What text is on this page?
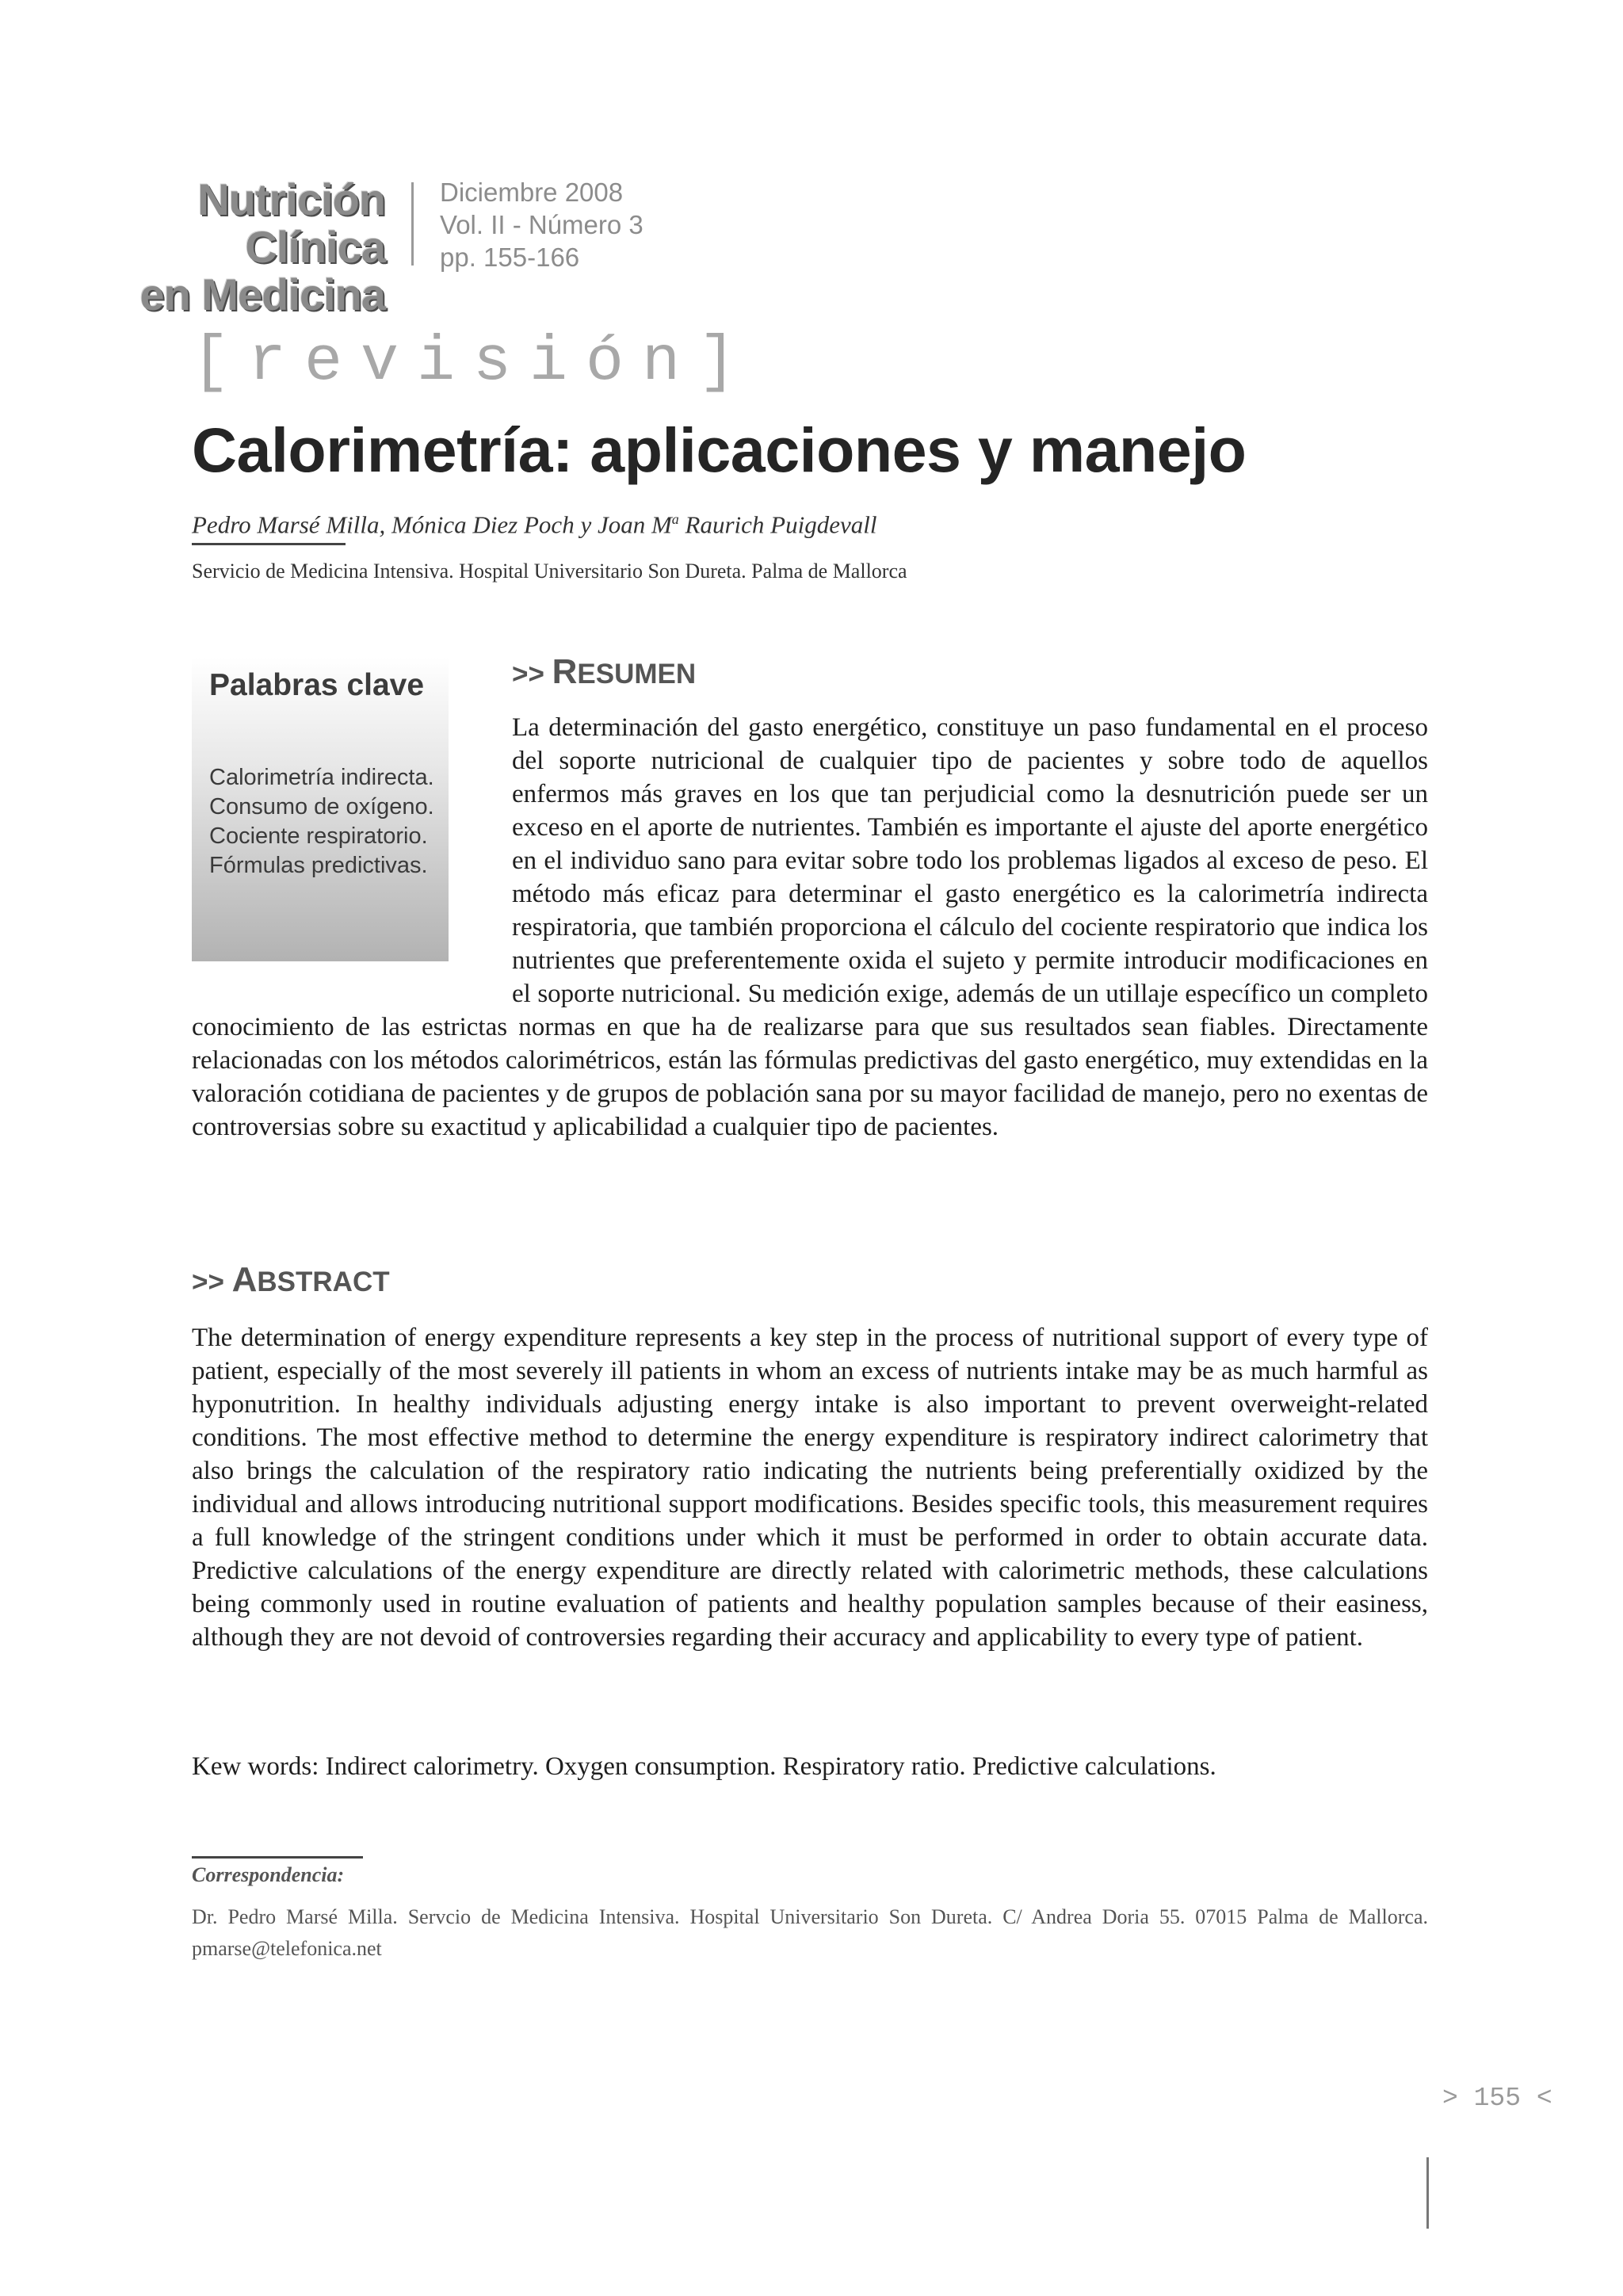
Nutrición Clínica
en Medicina
Diciembre 2008
Vol. II - Número 3
pp. 155-166
[revisión]
Calorimetría: aplicaciones y manejo
Pedro Marsé Milla, Mónica Diez Poch y Joan $M^a$ Raurich Puigdevall
Servicio de Medicina Intensiva. Hospital Universitario Son Dureta. Palma de Mallorca
Palabras clave
Calorimetría indirecta. Consumo de oxígeno. Cociente respiratorio. Fórmulas predictivas.
>> RESUMEN
La determinación del gasto energético, constituye un paso fundamental en el proceso del soporte nutricional de cualquier tipo de pacientes y sobre todo de aquellos enfermos más graves en los que tan perjudicial como la desnutrición puede ser un exceso en el aporte de nutrientes. También es importante el ajuste del aporte energético en el individuo sano para evitar sobre todo los problemas ligados al exceso de peso. El método más eficaz para determinar el gasto energético es la calorimetría indirecta respiratoria, que también proporciona el cálculo del cociente respiratorio que indica los nutrientes que preferentemente oxida el sujeto y permite introducir modificaciones en el soporte nutricional. Su medición exige, además de un utillaje específico un completo conocimiento de las estrictas normas en que ha de realizarse para que sus resultados sean fiables. Directamente relacionadas con los métodos calorimétricos, están las fórmulas predictivas del gasto energético, muy extendidas en la valoración cotidiana de pacientes y de grupos de población sana por su mayor facilidad de manejo, pero no exentas de controversias sobre su exactitud y aplicabilidad a cualquier tipo de pacientes.
>> ABSTRACT
The determination of energy expenditure represents a key step in the process of nutritional support of every type of patient, especially of the most severely ill patients in whom an excess of nutrients intake may be as much harmful as hyponutrition. In healthy individuals adjusting energy intake is also important to prevent overweight-related conditions. The most effective method to determine the energy expenditure is respiratory indirect calorimetry that also brings the calculation of the respiratory ratio indicating the nutrients being preferentially oxidized by the individual and allows introducing nutritional support modifications. Besides specific tools, this measurement requires a full knowledge of the stringent conditions under which it must be performed in order to obtain accurate data. Predictive calculations of the energy expenditure are directly related with calorimetric methods, these calculations being commonly used in routine evaluation of patients and healthy population samples because of their easiness, although they are not devoid of controversies regarding their accuracy and applicability to every type of patient.
Kew words: Indirect calorimetry. Oxygen consumption. Respiratory ratio. Predictive calculations.
Correspondencia:
Dr. Pedro Marsé Milla. Servcio de Medicina Intensiva. Hospital Universitario Son Dureta. C/ Andrea Doria 55. 07015 Palma de Mallorca. pmarse@telefonica.net
> 155 <
